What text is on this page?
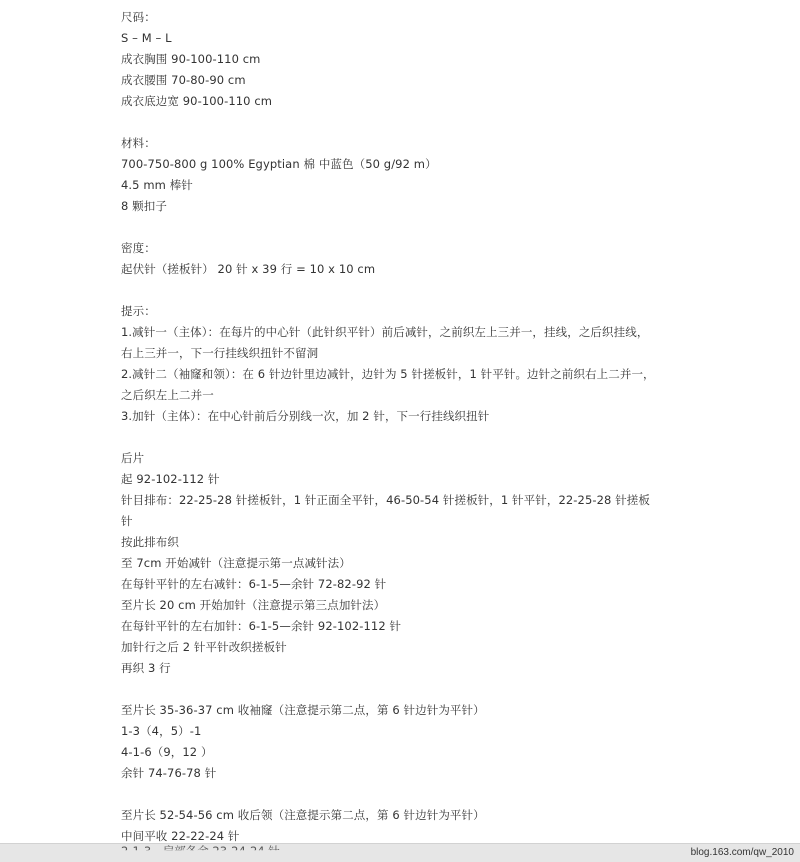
尺码：
S – M – L
成衣胸围 90-100-110 cm
成衣腰围 70-80-90 cm
成衣底边宽 90-100-110 cm
材料：
700-750-800 g 100% Egyptian 棉 中蓝色（50 g/92 m）
4.5 mm 棒针
8 颗扣子
密度：
起伏针（搓板针） 20 针 x 39 行 = 10 x 10 cm
提示：
1.减针一（主体）：在每片的中心针（此针织平针）前后减针，之前织左上三并一，挂线，之后织挂线，
右上三并一，下一行挂线织扭针不留洞
2.减针二（袖窿和领）：在 6 针边针里边减针，边针为 5 针搓板针，1 针平针。边针之前织右上二并一，
之后织左上二并一
3.加针（主体）：在中心针前后分别线一次，加 2 针，下一行挂线织扭针
后片
起 92-102-112 针
针目排布：22-25-28 针搓板针，1 针正面全平针，46-50-54 针搓板针，1 针平针，22-25-28 针搓板
针
按此排布织
至 7cm 开始减针（注意提示第一点减针法）
在每针平针的左右减针：6-1-5—余针 72-82-92 针
至片长 20 cm 开始加针（注意提示第三点加针法）
在每针平针的左右加针：6-1-5—余针 92-102-112 针
加针行之后 2 针平针改织搓板针
再织 3 行
至片长 35-36-37 cm 收袖窿（注意提示第二点，第 6 针边针为平针）
1-3（4，5）-1
4-1-6（9，12 ）
余针 74-76-78 针
至片长 52-54-56 cm 收后领（注意提示第二点，第 6 针边针为平针）
中间平收 22-22-24 针
blog.163.com/qw_2010
